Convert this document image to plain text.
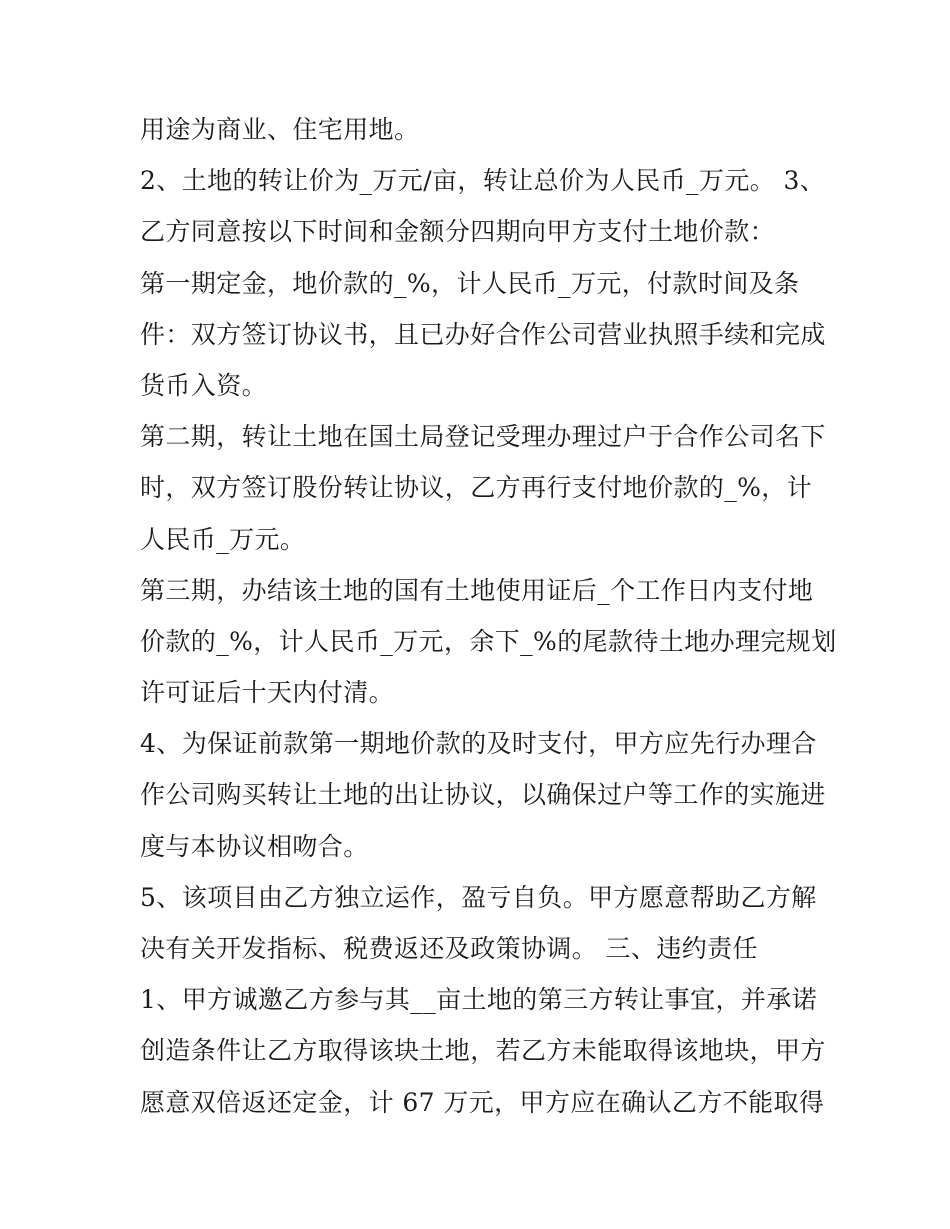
用途为商业、住宅用地。
2、土地的转让价为_万元/亩，转让总价为人民币_万元。 3、
乙方同意按以下时间和金额分四期向甲方支付土地价款：
第一期定金，地价款的_%，计人民币_万元，付款时间及条
件：双方签订协议书，且已办好合作公司营业执照手续和完成
货币入资。
第二期，转让土地在国土局登记受理办理过户于合作公司名下
时，双方签订股份转让协议，乙方再行支付地价款的_%，计
人民币_万元。
第三期，办结该土地的国有土地使用证后_个工作日内支付地
价款的_%，计人民币_万元，余下_%的尾款待土地办理完规划
许可证后十天内付清。
4、为保证前款第一期地价款的及时支付，甲方应先行办理合
作公司购买转让土地的出让协议，以确保过户等工作的实施进
度与本协议相吻合。
5、该项目由乙方独立运作，盈亏自负。甲方愿意帮助乙方解
决有关开发指标、税费返还及政策协调。 三、违约责任
1、甲方诚邀乙方参与其__亩土地的第三方转让事宜，并承诺
创造条件让乙方取得该块土地，若乙方未能取得该地块，甲方
愿意双倍返还定金，计 67 万元，甲方应在确认乙方不能取得
